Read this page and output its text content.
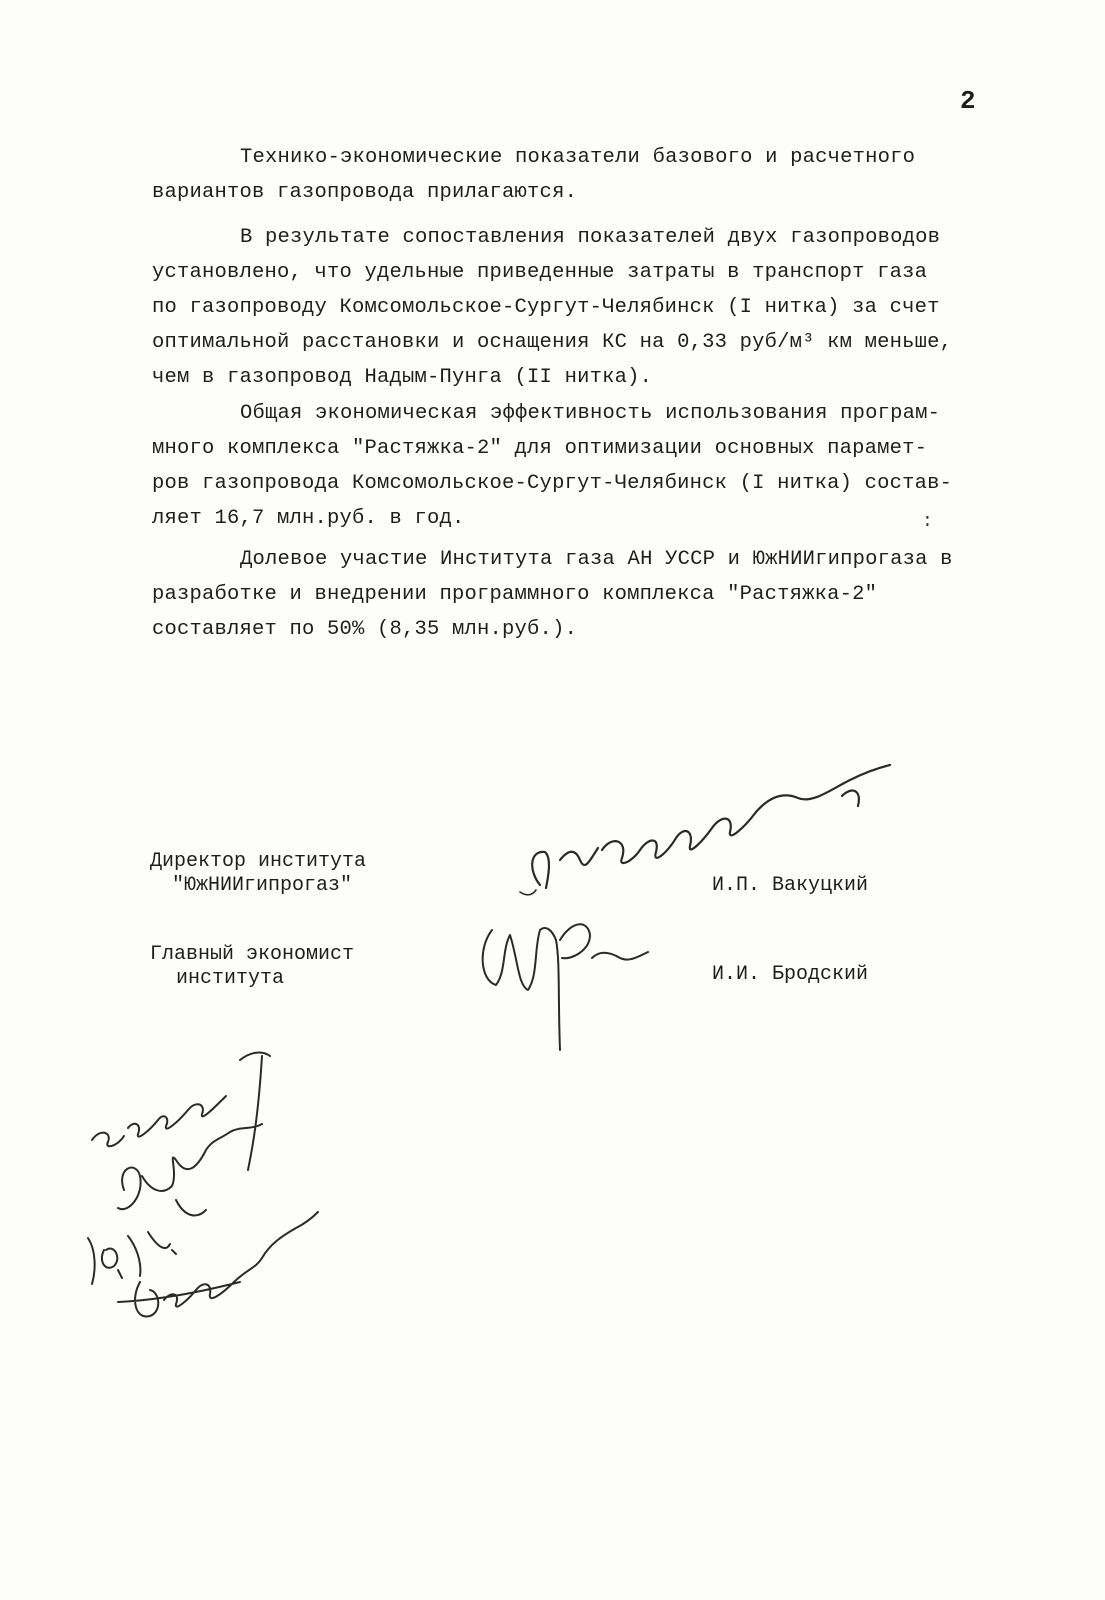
2

Технико-экономические показатели базового и расчетного
вариантов газопровода прилагаются.

В результате сопоставления показателей двух газопроводов
установлено, что удельные приведенные затраты в транспорт газа
по газопроводу Комсомольское-Сургут-Челябинск (I нитка) за счет
оптимальной расстановки и оснащения КС на 0,33 руб/м³ км меньше,
чем в газопровод Надым-Пунга (II нитка).

Общая экономическая эффективность использования програм-
много комплекса "Растяжка-2" для оптимизации основных парамет-
ров газопровода Комсомольское-Сургут-Челябинск (I нитка) состав-
ляет 16,7 млн.руб. в год.

Долевое участие Института газа АН УССР и ЮжНИИгипрогаза в
разработке и внедрении программного комплекса "Растяжка-2"
составляет по 50% (8,35 млн.руб.).

:
Директор института
"ЮжНИИгипрогаз"	И.П. Вакуцкий
Главный экономист
института	И.И. Бродский
